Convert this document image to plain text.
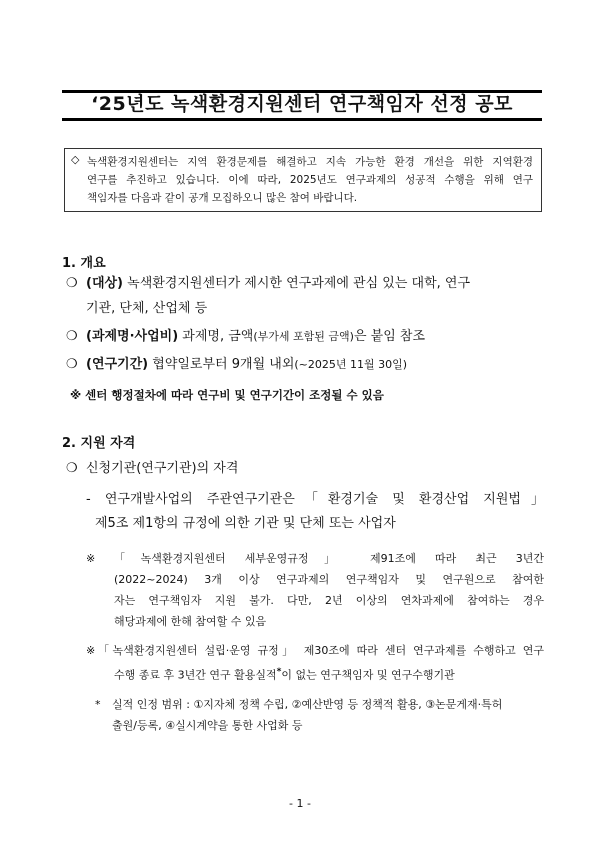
‘25년도 녹색환경지원센터 연구책임자 선정 공모
◇ 녹색환경지원센터는 지역 환경문제를 해결하고 지속 가능한 환경 개선을 위한 지역환경
연구를 추진하고 있습니다. 이에 따라, 2025년도 연구과제의 성공적 수행을 위해 연구
책임자를 다음과 같이 공개 모집하오니 많은 참여 바랍니다.
1. 개요
❍ (대상) 녹색환경지원센터가 제시한 연구과제에 관심 있는 대학, 연구
기관, 단체, 산업체 등
❍ (과제명·사업비) 과제명, 금액(부가세 포함된 금액)은 붙임 참조
❍ (연구기간) 협약일로부터 9개월 내외(~2025년 11월 30일)
※ 센터 행정절차에 따라 연구비 및 연구기간이 조정될 수 있음
2. 지원 자격
❍ 신청기관(연구기관)의 자격
- 연구개발사업의 주관연구기관은「환경기술 및 환경산업 지원법」
제5조 제1항의 규정에 의한 기관 및 단체 또는 사업자
※ 「녹색환경지원센터 세부운영규정」 제91조에 따라 최근 3년간
(2022~2024) 3개 이상 연구과제의 연구책임자 및 연구원으로 참여한
자는 연구책임자 지원 불가. 다만, 2년 이상의 연차과제에 참여하는 경우
해당과제에 한해 참여할 수 있음
※ 「녹색환경지원센터 설립·운영 규정」 제30조에 따라 센터 연구과제를 수행하고 연구
수행 종료 후 3년간 연구 활용실적*이 없는 연구책임자 및 연구수행기관
* 실적 인정 범위 : ①지자체 정책 수립, ②예산반영 등 정책적 활용, ③논문게재·특허
출원/등록, ④실시계약을 통한 사업화 등
- 1 -
